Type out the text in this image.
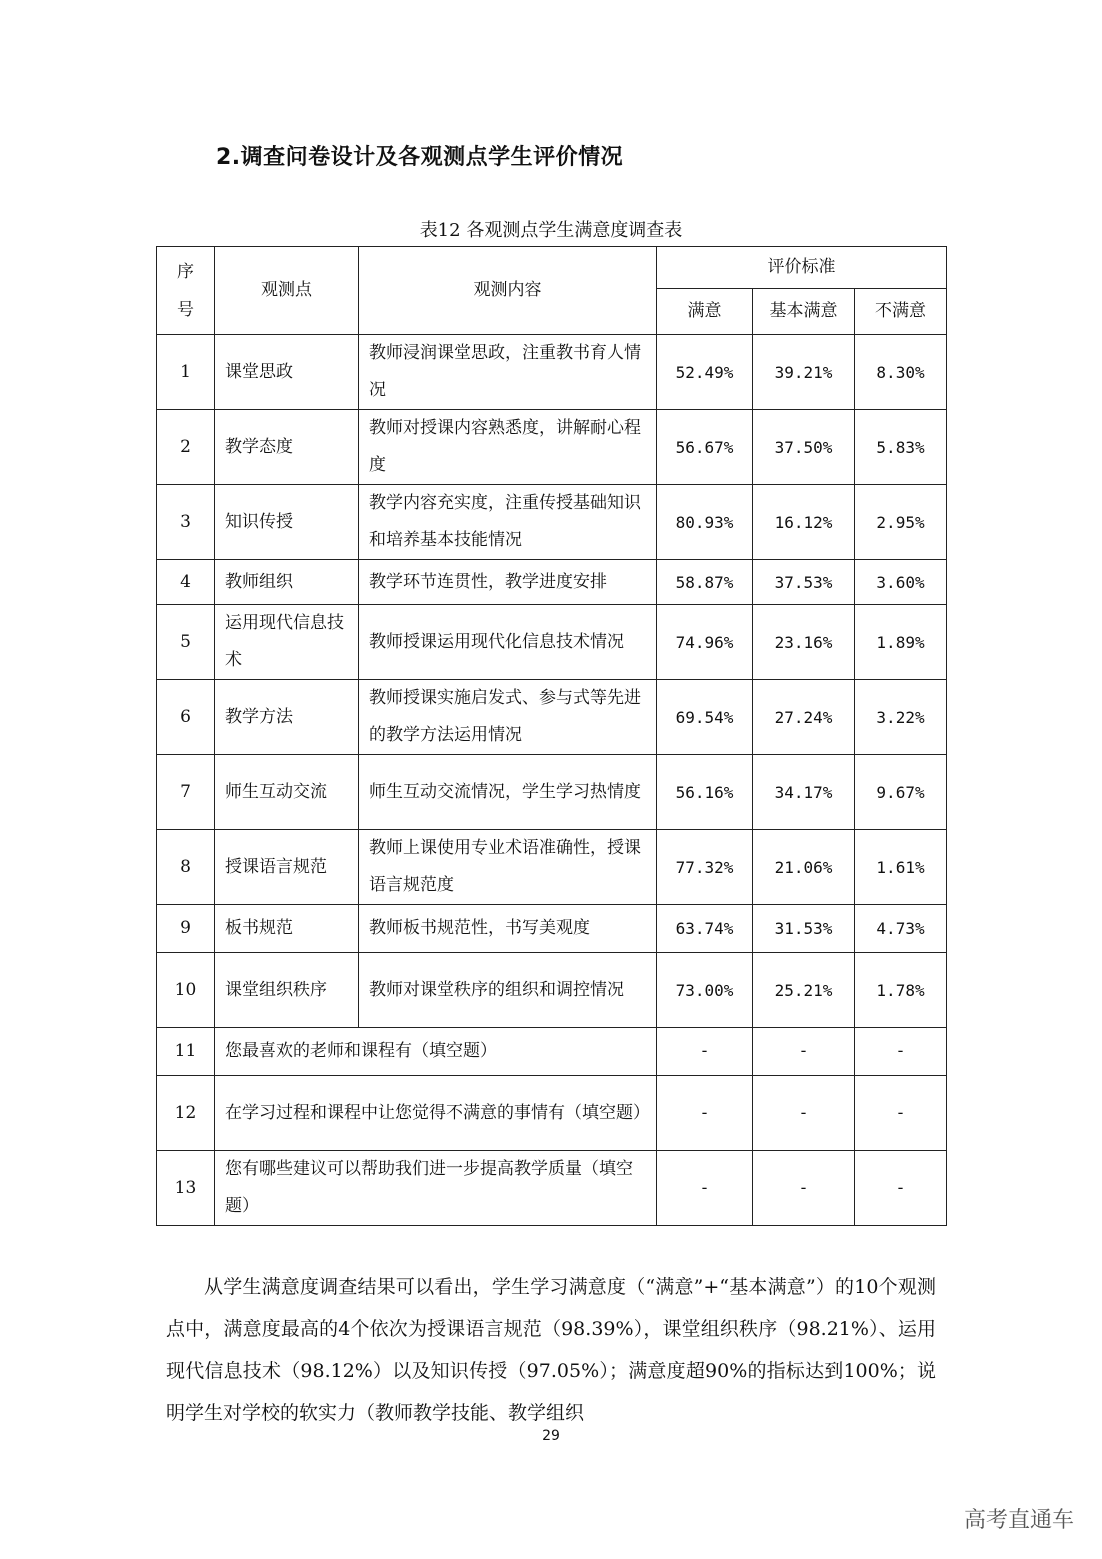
2.调查问卷设计及各观测点学生评价情况
表12 各观测点学生满意度调查表
序号	观测点	观测内容	评价标准		
			满意	基本满意	不满意
1	课堂思政	教师浸润课堂思政，注重教书育人情况	52.49%	39.21%	8.30%
2	教学态度	教师对授课内容熟悉度，讲解耐心程度	56.67%	37.50%	5.83%
3	知识传授	教学内容充实度，注重传授基础知识和培养基本技能情况	80.93%	16.12%	2.95%
4	教师组织	教学环节连贯性，教学进度安排	58.87%	37.53%	3.60%
5	运用现代信息技术	教师授课运用现代化信息技术情况	74.96%	23.16%	1.89%
6	教学方法	教师授课实施启发式、参与式等先进的教学方法运用情况	69.54%	27.24%	3.22%
7	师生互动交流	师生互动交流情况，学生学习热情度	56.16%	34.17%	9.67%
8	授课语言规范	教师上课使用专业术语准确性，授课语言规范度	77.32%	21.06%	1.61%
9	板书规范	教师板书规范性，书写美观度	63.74%	31.53%	4.73%
10	课堂组织秩序	教师对课堂秩序的组织和调控情况	73.00%	25.21%	1.78%
11	您最喜欢的老师和课程有（填空题）		-	-	-
12	在学习过程和课程中让您觉得不满意的事情有（填空题）		-	-	-
13	您有哪些建议可以帮助我们进一步提高教学质量（填空题）		-	-	-
从学生满意度调查结果可以看出，学生学习满意度（“满意”+“基本满意”）的10个观测点中，满意度最高的4个依次为授课语言规范（98.39%），课堂组织秩序（98.21%）、运用现代信息技术（98.12%）以及知识传授（97.05%）；满意度超90%的指标达到100%；说明学生对学校的软实力（教师教学技能、教学组织
29
高考直通车
